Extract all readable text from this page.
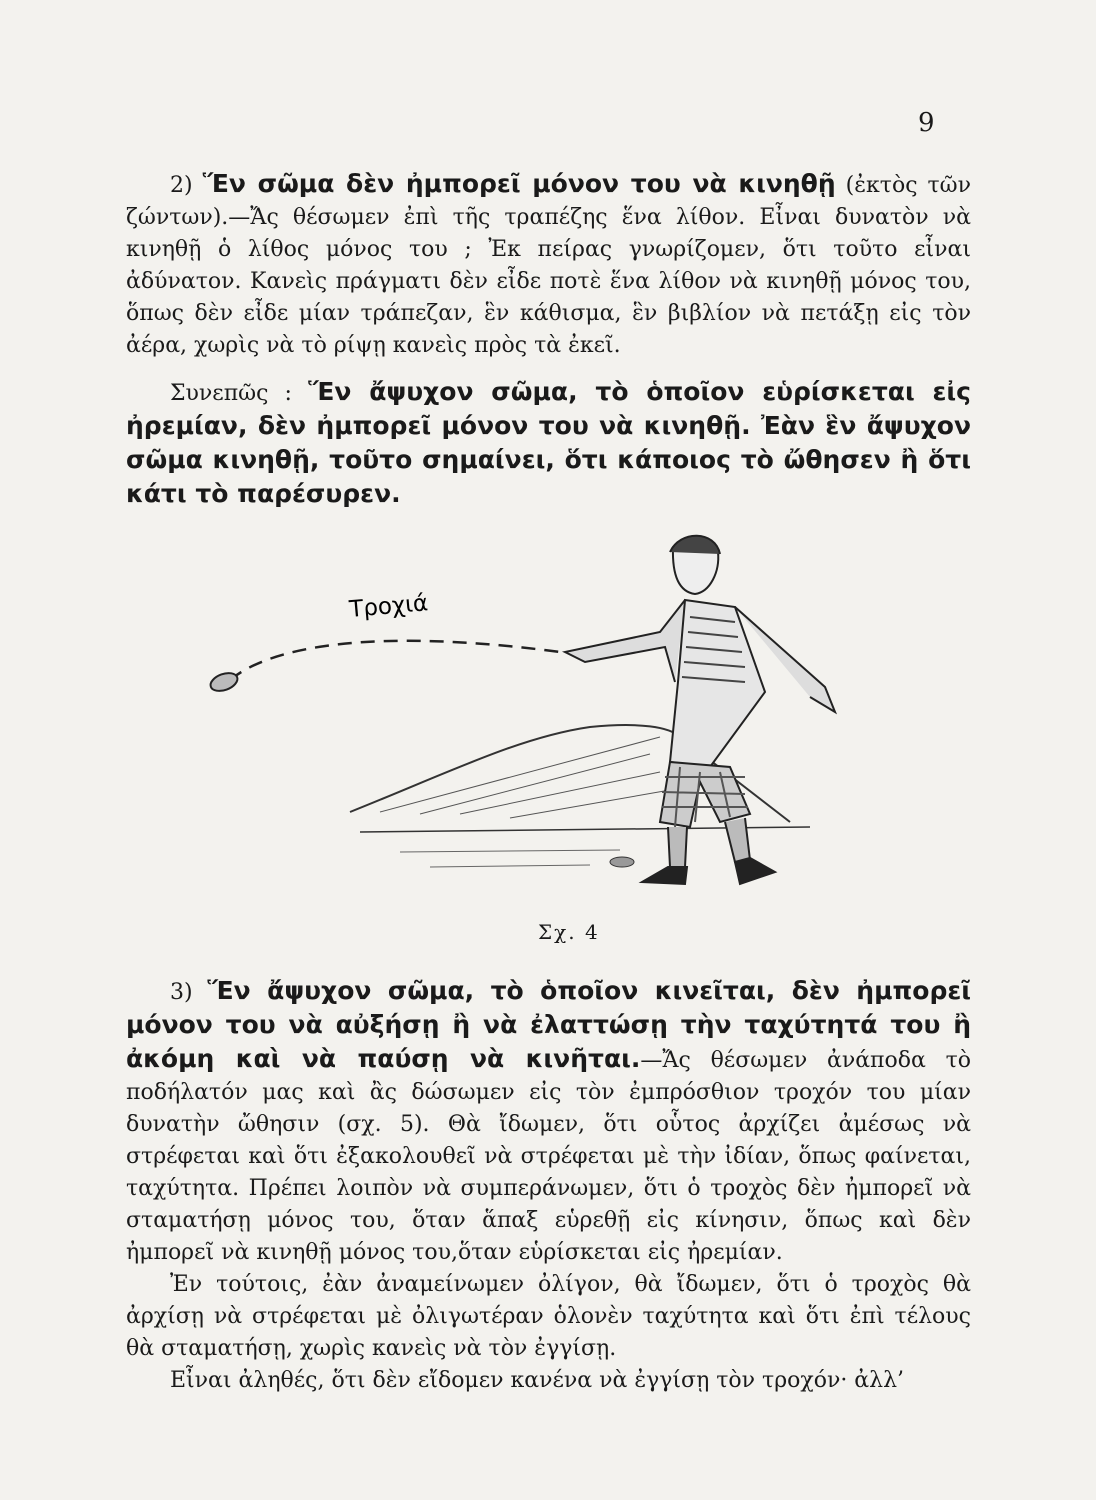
9

2) Ἕν σῶμα δὲν ἠμπορεῖ μόνον του νὰ κινηθῇ (ἐκτὸς τῶν ζώντων).—Ἄς θέσωμεν ἐπὶ τῆς τραπέζης ἕνα λίθον. Εἶναι δυνατὸν νὰ κινηθῇ ὁ λίθος μόνος του ; Ἐκ πείρας γνωρίζομεν, ὅτι τοῦτο εἶναι ἀδύνατον. Κανεὶς πράγματι δὲν εἶδε ποτὲ ἕνα λίθον νὰ κινηθῇ μόνος του, ὅπως δὲν εἶδε μίαν τράπεζαν, ἓν κάθισμα, ἓν βιβλίον νὰ πετάξῃ εἰς τὸν ἀέρα, χωρὶς νὰ τὸ ρίψῃ κανεὶς πρὸς τὰ ἐκεῖ.

Συνεπῶς : Ἕν ἄψυχον σῶμα, τὸ ὁποῖον εὑρίσκεται εἰς ἠρεμίαν, δὲν ἠμπορεῖ μόνον του νὰ κινηθῇ. Ἐὰν ἓν ἄψυχον σῶμα κινηθῇ, τοῦτο σημαίνει, ὅτι κάποιος τὸ ὤθησεν ἢ ὅτι κάτι τὸ παρέσυρεν.

Τροχιά
Σχ. 4

3) Ἕν ἄψυχον σῶμα, τὸ ὁποῖον κινεῖται, δὲν ἠμπορεῖ μόνον του νὰ αὐξήσῃ ἢ νὰ ἐλαττώσῃ τὴν ταχύτητά του ἢ ἀκόμη καὶ νὰ παύσῃ νὰ κινῆται.—Ἄς θέσωμεν ἀνάποδα τὸ ποδήλατόν μας καὶ ἂς δώσωμεν εἰς τὸν ἐμπρόσθιον τροχόν του μίαν δυνατὴν ὤθησιν (σχ. 5). Θὰ ἴδωμεν, ὅτι οὗτος ἀρχίζει ἀμέσως νὰ στρέφεται καὶ ὅτι ἐξακολουθεῖ νὰ στρέφεται μὲ τὴν ἰδίαν, ὅπως φαίνεται, ταχύτητα. Πρέπει λοιπὸν νὰ συμπεράνωμεν, ὅτι ὁ τροχὸς δὲν ἠμπορεῖ νὰ σταματήσῃ μόνος του, ὅταν ἅπαξ εὑρεθῇ εἰς κίνησιν, ὅπως καὶ δὲν ἠμπορεῖ νὰ κινηθῇ μόνος του,ὅταν εὑρίσκεται εἰς ἠρεμίαν.

Ἐν τούτοις, ἐὰν ἀναμείνωμεν ὀλίγον, θὰ ἴδωμεν, ὅτι ὁ τροχὸς θὰ ἀρχίσῃ νὰ στρέφεται μὲ ὀλιγωτέραν ὁλονὲν ταχύτητα καὶ ὅτι ἐπὶ τέλους θὰ σταματήσῃ, χωρὶς κανεὶς νὰ τὸν ἐγγίσῃ.

Εἶναι ἀληθές, ὅτι δὲν εἴδομεν κανένα νὰ ἐγγίσῃ τὸν τροχόν· ἀλλ’
